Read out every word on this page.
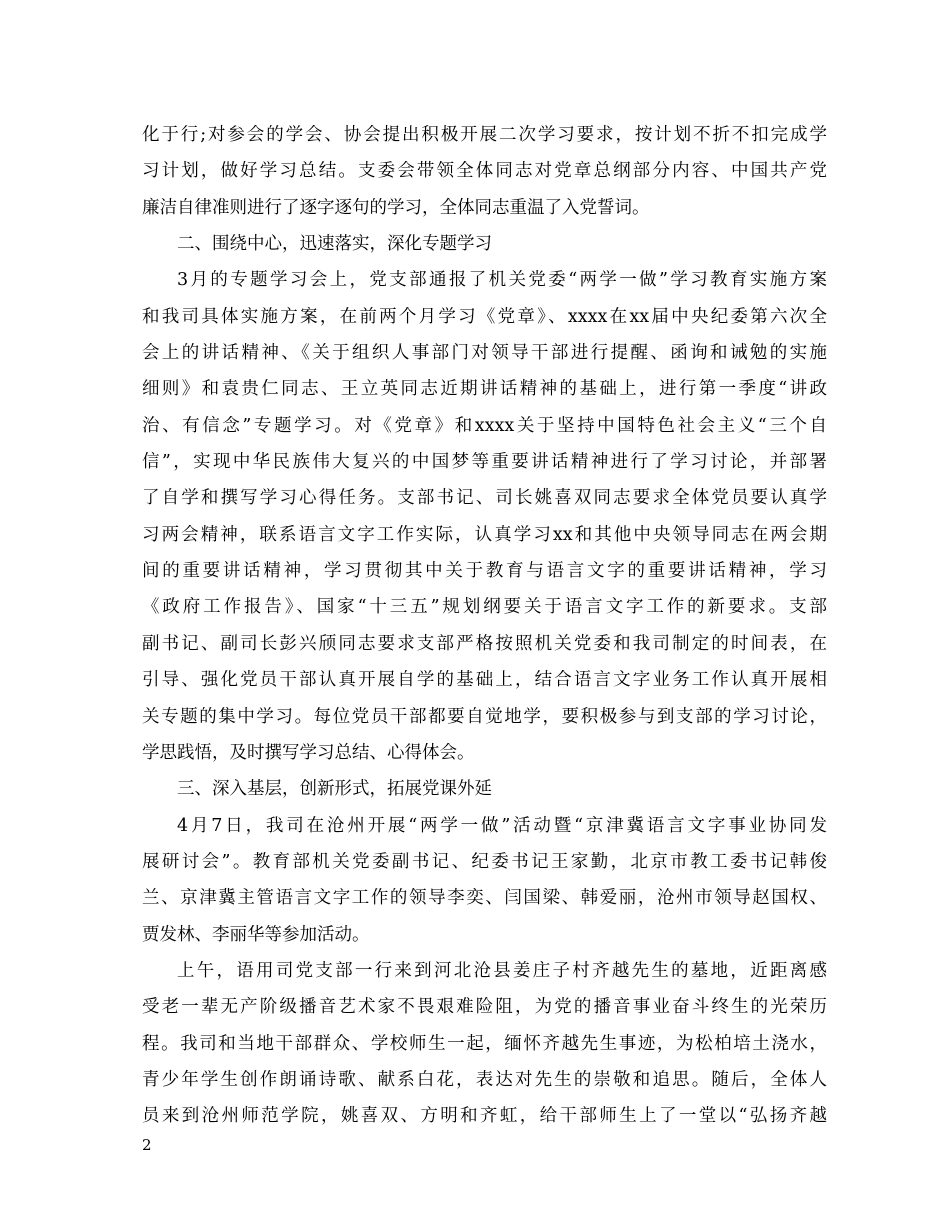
化于行;对参会的学会、协会提出积极开展二次学习要求，按计划不折不扣完成学
习计划，做好学习总结。支委会带领全体同志对党章总纲部分内容、中国共产党
廉洁自律准则进行了逐字逐句的学习，全体同志重温了入党誓词。
二、围绕中心，迅速落实，深化专题学习
3月的专题学习会上，党支部通报了机关党委“两学一做”学习教育实施方案
和我司具体实施方案，在前两个月学习《党章》、xxxx在xx届中央纪委第六次全
会上的讲话精神、《关于组织人事部门对领导干部进行提醒、函询和诫勉的实施
细则》和袁贵仁同志、王立英同志近期讲话精神的基础上，进行第一季度“讲政
治、有信念”专题学习。对《党章》和xxxx关于坚持中国特色社会主义“三个自
信”，实现中华民族伟大复兴的中国梦等重要讲话精神进行了学习讨论，并部署
了自学和撰写学习心得任务。支部书记、司长姚喜双同志要求全体党员要认真学
习两会精神，联系语言文字工作实际，认真学习xx和其他中央领导同志在两会期
间的重要讲话精神，学习贯彻其中关于教育与语言文字的重要讲话精神，学习
《政府工作报告》、国家“十三五”规划纲要关于语言文字工作的新要求。支部
副书记、副司长彭兴颀同志要求支部严格按照机关党委和我司制定的时间表，在
引导、强化党员干部认真开展自学的基础上，结合语言文字业务工作认真开展相
关专题的集中学习。每位党员干部都要自觉地学，要积极参与到支部的学习讨论，
学思践悟，及时撰写学习总结、心得体会。
三、深入基层，创新形式，拓展党课外延
4月7日，我司在沧州开展“两学一做”活动暨“京津冀语言文字事业协同发
展研讨会”。教育部机关党委副书记、纪委书记王家勤，北京市教工委书记韩俊
兰、京津冀主管语言文字工作的领导李奕、闫国梁、韩爱丽，沧州市领导赵国权、
贾发林、李丽华等参加活动。
上午，语用司党支部一行来到河北沧县姜庄子村齐越先生的墓地，近距离感
受老一辈无产阶级播音艺术家不畏艰难险阻，为党的播音事业奋斗终生的光荣历
程。我司和当地干部群众、学校师生一起，缅怀齐越先生事迹，为松柏培土浇水，
青少年学生创作朗诵诗歌、献系白花，表达对先生的崇敬和追思。随后，全体人
员来到沧州师范学院，姚喜双、方明和齐虹，给干部师生上了一堂以“弘扬齐越
2
